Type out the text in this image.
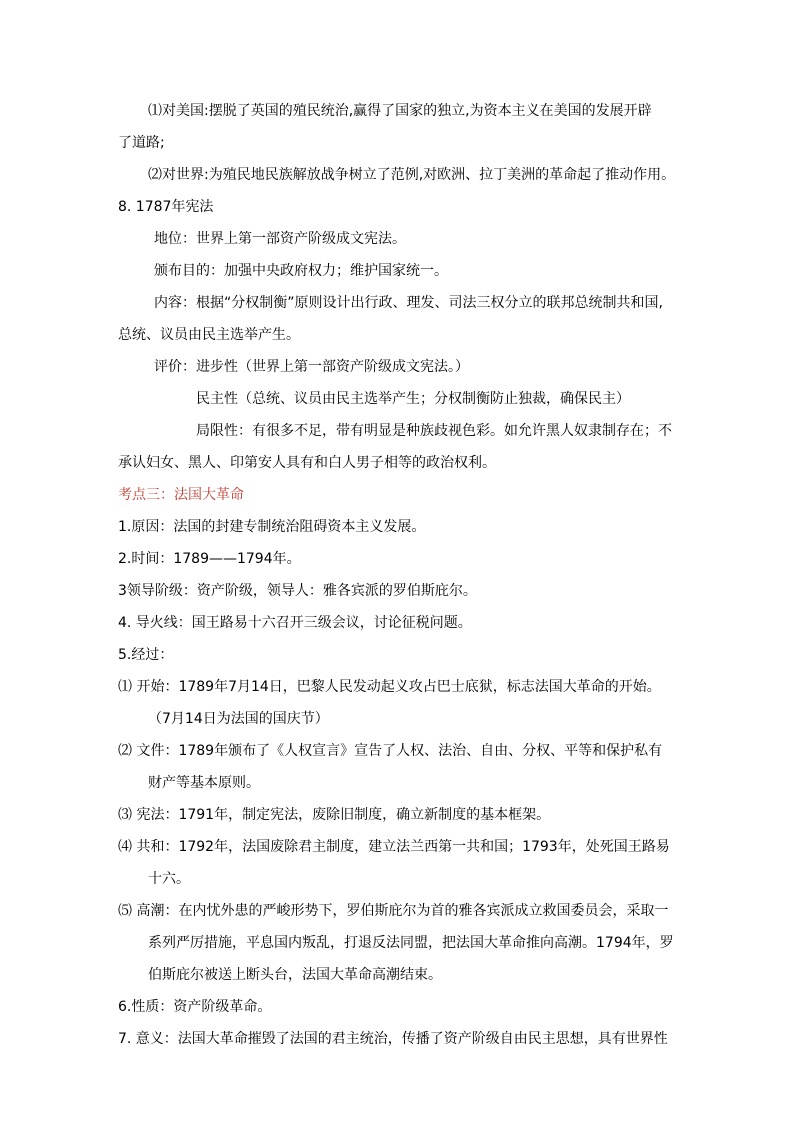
⑴对美国:摆脱了英国的殖民统治,赢得了国家的独立,为资本主义在美国的发展开辟
了道路;
⑵对世界:为殖民地民族解放战争树立了范例,对欧洲、拉丁美洲的革命起了推动作用。
8. 1787年宪法
地位：世界上第一部资产阶级成文宪法。
颁布目的：加强中央政府权力；维护国家统一。
内容：根据“分权制衡”原则设计出行政、理发、司法三权分立的联邦总统制共和国,
总统、议员由民主选举产生。
评价：进步性（世界上第一部资产阶级成文宪法。）
民主性（总统、议员由民主选举产生；分权制衡防止独裁，确保民主）
局限性：有很多不足，带有明显是种族歧视色彩。如允许黑人奴隶制存在；不
承认妇女、黑人、印第安人具有和白人男子相等的政治权利。
考点三：法国大革命
1.原因：法国的封建专制统治阻碍资本主义发展。
2.时间：1789——1794年。
3领导阶级：资产阶级，领导人：雅各宾派的罗伯斯庇尔。
4. 导火线：国王路易十六召开三级会议，讨论征税问题。
5.经过：
⑴ 开始：1789年7月14日，巴黎人民发动起义攻占巴士底狱，标志法国大革命的开始。
（7月14日为法国的国庆节）
⑵ 文件：1789年颁布了《人权宣言》宣告了人权、法治、自由、分权、平等和保护私有
财产等基本原则。
⑶ 宪法：1791年，制定宪法，废除旧制度，确立新制度的基本框架。
⑷ 共和：1792年，法国废除君主制度，建立法兰西第一共和国；1793年，处死国王路易
十六。
⑸ 高潮：在内忧外患的严峻形势下，罗伯斯庇尔为首的雅各宾派成立救国委员会，采取一
系列严厉措施，平息国内叛乱，打退反法同盟，把法国大革命推向高潮。1794年，罗
伯斯庇尔被送上断头台，法国大革命高潮结束。
6.性质：资产阶级革命。
7. 意义：法国大革命摧毁了法国的君主统治，传播了资产阶级自由民主思想，具有世界性
